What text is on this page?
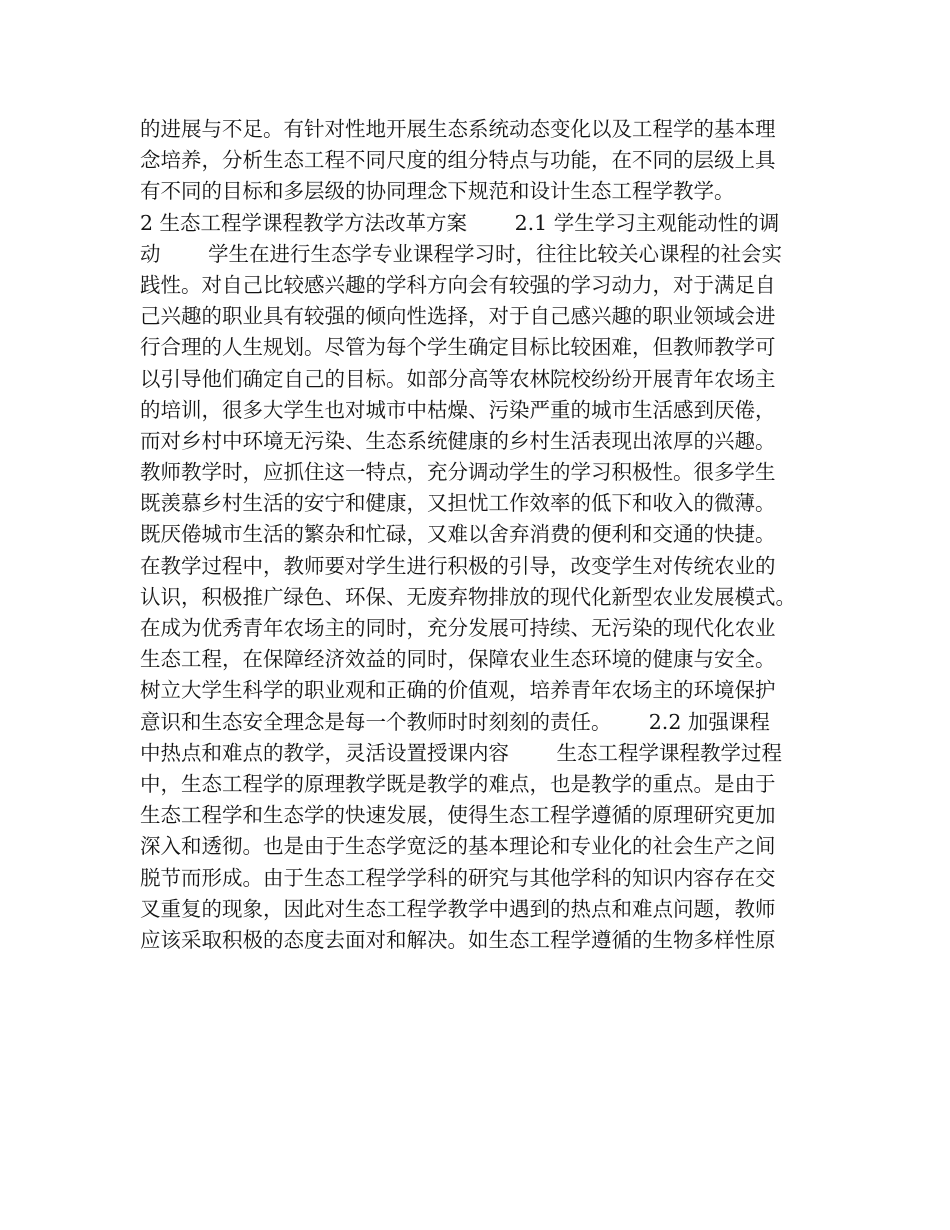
的进展与不足。有针对性地开展生态系统动态变化以及工程学的基本理
念培养，分析生态工程不同尺度的组分特点与功能，在不同的层级上具
有不同的目标和多层级的协同理念下规范和设计生态工程学教学。
2 生态工程学课程教学方法改革方案　　 2.1 学生学习主观能动性的调
动　　 学生在进行生态学专业课程学习时，往往比较关心课程的社会实
践性。对自己比较感兴趣的学科方向会有较强的学习动力，对于满足自
己兴趣的职业具有较强的倾向性选择，对于自己感兴趣的职业领域会进
行合理的人生规划。尽管为每个学生确定目标比较困难，但教师教学可
以引导他们确定自己的目标。如部分高等农林院校纷纷开展青年农场主
的培训，很多大学生也对城市中枯燥、污染严重的城市生活感到厌倦，
而对乡村中环境无污染、生态系统健康的乡村生活表现出浓厚的兴趣。
教师教学时，应抓住这一特点，充分调动学生的学习积极性。很多学生
既羡慕乡村生活的安宁和健康，又担忧工作效率的低下和收入的微薄。
既厌倦城市生活的繁杂和忙碌，又难以舍弃消费的便利和交通的快捷。
在教学过程中，教师要对学生进行积极的引导，改变学生对传统农业的
认识，积极推广绿色、环保、无废弃物排放的现代化新型农业发展模式。
在成为优秀青年农场主的同时，充分发展可持续、无污染的现代化农业
生态工程，在保障经济效益的同时，保障农业生态环境的健康与安全。
树立大学生科学的职业观和正确的价值观，培养青年农场主的环境保护
意识和生态安全理念是每一个教师时时刻刻的责任。　　 2.2 加强课程
中热点和难点的教学，灵活设置授课内容　　 生态工程学课程教学过程
中，生态工程学的原理教学既是教学的难点，也是教学的重点。是由于
生态工程学和生态学的快速发展，使得生态工程学遵循的原理研究更加
深入和透彻。也是由于生态学宽泛的基本理论和专业化的社会生产之间
脱节而形成。由于生态工程学学科的研究与其他学科的知识内容存在交
叉重复的现象，因此对生态工程学教学中遇到的热点和难点问题，教师
应该采取积极的态度去面对和解决。如生态工程学遵循的生物多样性原
